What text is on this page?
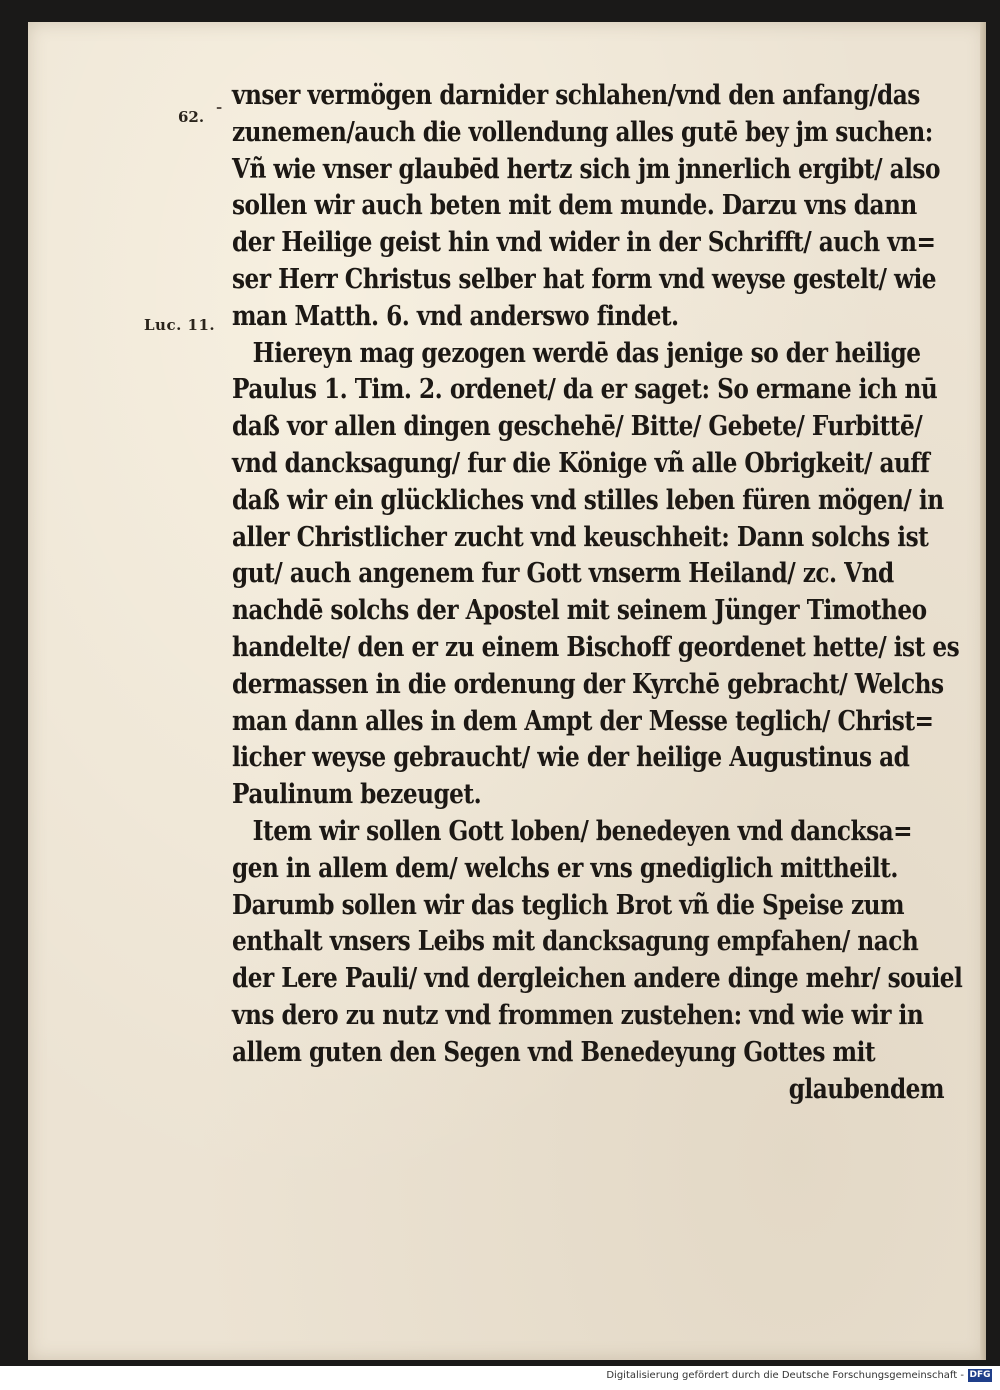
62.
-
Luc. 11.
vnser vermögen darnider schlahen/vnd den anfang/das
zunemen/auch die vollendung alles gutē bey jm suchen:
Vñ wie vnser glaubēd hertz sich jm jnnerlich ergibt/ also
sollen wir auch beten mit dem munde. Darzu vns dann
der Heilige geist hin vnd wider in der Schrifft/ auch vn=
ser Herr Christus selber hat form vnd weyse gestelt/ wie
man Matth. 6. vnd anderswo findet.
Hiereyn mag gezogen werdē das jenige so der heilige
Paulus 1. Tim. 2. ordenet/ da er saget: So ermane ich nū
daß vor allen dingen geschehē/ Bitte/ Gebete/ Furbittē/
vnd dancksagung/ fur die Könige vñ alle Obrigkeit/ auff
daß wir ein glückliches vnd stilles leben füren mögen/ in
aller Christlicher zucht vnd keuschheit: Dann solchs ist
gut/ auch angenem fur Gott vnserm Heiland/ zc. Vnd
nachdē solchs der Apostel mit seinem Jünger Timotheo
handelte/ den er zu einem Bischoff geordenet hette/ ist es
dermassen in die ordenung der Kyrchē gebracht/ Welchs
man dann alles in dem Ampt der Messe teglich/ Christ=
licher weyse gebraucht/ wie der heilige Augustinus ad
Paulinum bezeuget.
Item wir sollen Gott loben/ benedeyen vnd dancksa=
gen in allem dem/ welchs er vns gnediglich mittheilt.
Darumb sollen wir das teglich Brot vñ die Speise zum
enthalt vnsers Leibs mit dancksagung empfahen/ nach
der Lere Pauli/ vnd dergleichen andere dinge mehr/ souiel
vns dero zu nutz vnd frommen zustehen: vnd wie wir in
allem guten den Segen vnd Benedeyung Gottes mit
glaubendem
Digitalisierung gefördert durch die Deutsche Forschungsgemeinschaft - DFG
